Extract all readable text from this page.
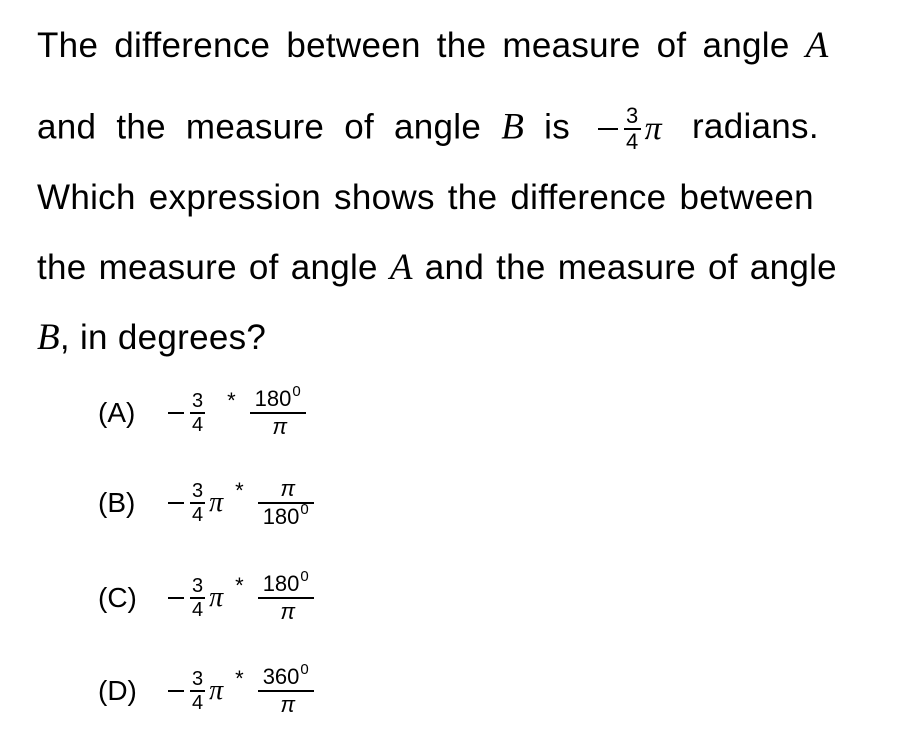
The difference between the measure of angle A
and the measure of angle B is $\frac{3}{4}$ π radians.
Which expression shows the difference between
the measure of angle A and the measure of angle
B, in degrees?
(A)	$\frac{3}{4} * \frac{180^0}{\pi}$
(B)	$\frac{3}{4}$ π * $\frac{\pi}{180^0}$
(C)	$\frac{3}{4}$ π * $\frac{180^0}{\pi}$
(D)	$\frac{3}{4}$ π * $\frac{360^0}{\pi}$
